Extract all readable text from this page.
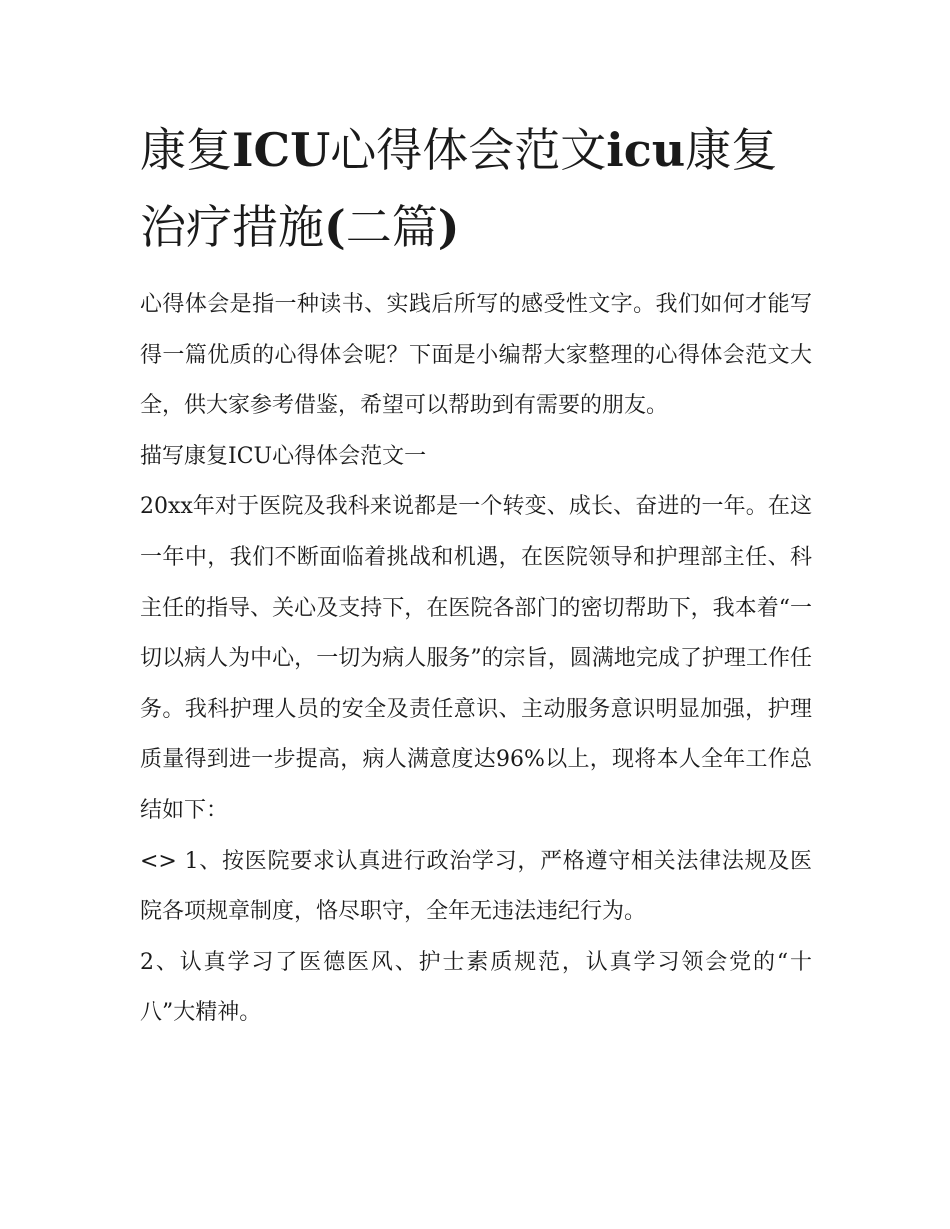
康复ICU心得体会范文icu康复治疗措施(二篇)

心得体会是指一种读书、实践后所写的感受性文字。我们如何才能写得一篇优质的心得体会呢？下面是小编帮大家整理的心得体会范文大全，供大家参考借鉴，希望可以帮助到有需要的朋友。

描写康复ICU心得体会范文一

20xx年对于医院及我科来说都是一个转变、成长、奋进的一年。在这一年中，我们不断面临着挑战和机遇，在医院领导和护理部主任、科主任的指导、关心及支持下，在医院各部门的密切帮助下，我本着“一切以病人为中心，一切为病人服务”的宗旨，圆满地完成了护理工作任务。我科护理人员的安全及责任意识、主动服务意识明显加强，护理质量得到进一步提高，病人满意度达96%以上，现将本人全年工作总结如下：

<> 1、按医院要求认真进行政治学习，严格遵守相关法律法规及医院各项规章制度，恪尽职守，全年无违法违纪行为。

2、认真学习了医德医风、护士素质规范，认真学习领会党的“十八”大精神。
